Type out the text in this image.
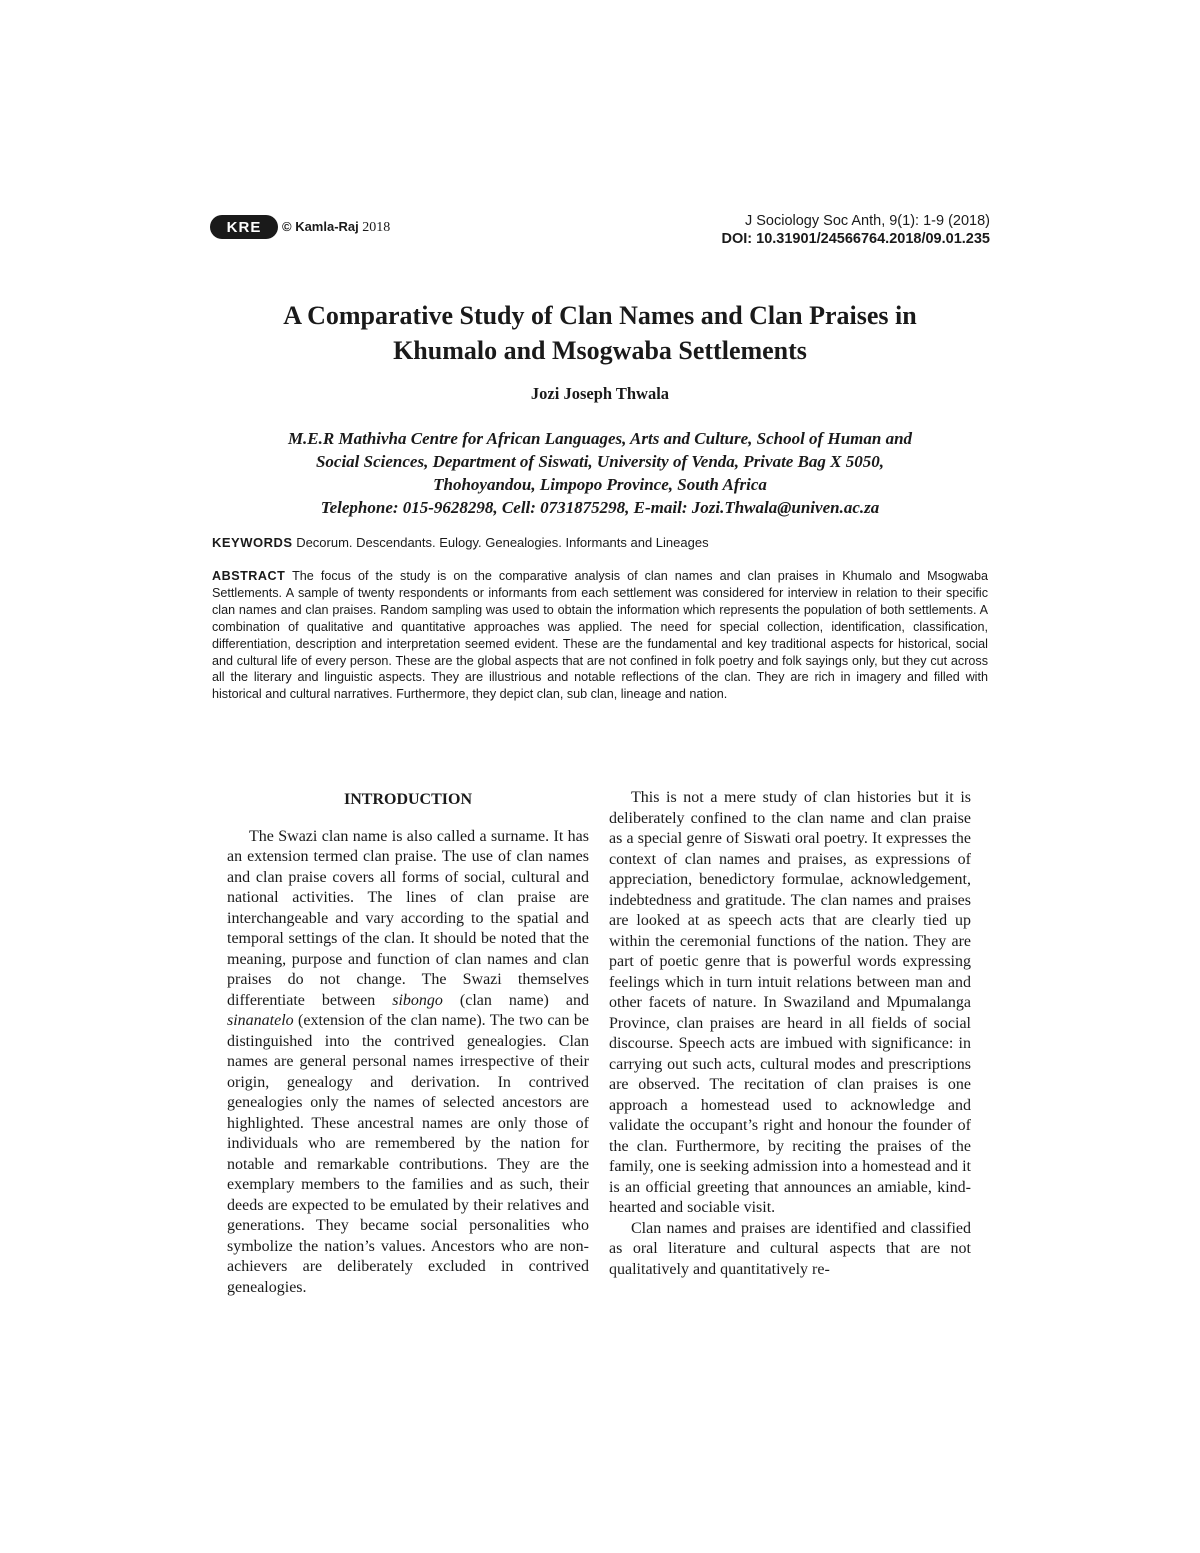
KRE © Kamla-Raj 2018	J Sociology Soc Anth, 9(1): 1-9 (2018)
DOI: 10.31901/24566764.2018/09.01.235
A Comparative Study of Clan Names and Clan Praises in
Khumalo and Msogwaba Settlements
Jozi Joseph Thwala
M.E.R Mathivha Centre for African Languages, Arts and Culture, School of Human and
Social Sciences, Department of Siswati, University of Venda, Private Bag X 5050,
Thohoyandou, Limpopo Province, South Africa
Telephone: 015-9628298, Cell: 0731875298, E-mail: Jozi.Thwala@univen.ac.za
KEYWORDS Decorum. Descendants. Eulogy. Genealogies. Informants and Lineages
ABSTRACT The focus of the study is on the comparative analysis of clan names and clan praises in Khumalo and Msogwaba Settlements. A sample of twenty respondents or informants from each settlement was considered for interview in relation to their specific clan names and clan praises. Random sampling was used to obtain the information which represents the population of both settlements. A combination of qualitative and quantitative approaches was applied. The need for special collection, identification, classification, differentiation, description and interpretation seemed evident. These are the fundamental and key traditional aspects for historical, social and cultural life of every person. These are the global aspects that are not confined in folk poetry and folk sayings only, but they cut across all the literary and linguistic aspects. They are illustrious and notable reflections of the clan. They are rich in imagery and filled with historical and cultural narratives. Furthermore, they depict clan, sub clan, lineage and nation.
INTRODUCTION

The Swazi clan name is also called a surname. It has an extension termed clan praise. The use of clan names and clan praise covers all forms of social, cultural and national activities. The lines of clan praise are interchangeable and vary according to the spatial and temporal settings of the clan. It should be noted that the meaning, purpose and function of clan names and clan praises do not change. The Swazi themselves differentiate between sibongo (clan name) and sinanatelo (extension of the clan name). The two can be distinguished into the contrived genealogies. Clan names are general personal names irrespective of their origin, genealogy and derivation. In contrived genealogies only the names of selected ancestors are highlighted. These ancestral names are only those of individuals who are remembered by the nation for notable and remarkable contributions. They are the exemplary members to the families and as such, their deeds are expected to be emulated by their relatives and generations. They became social personalities who symbolize the nation’s values. Ancestors who are non-achievers are deliberately excluded in contrived genealogies.

This is not a mere study of clan histories but it is deliberately confined to the clan name and clan praise as a special genre of Siswati oral poetry. It expresses the context of clan names and praises, as expressions of appreciation, benedictory formulae, acknowledgement, indebtedness and gratitude. The clan names and praises are looked at as speech acts that are clearly tied up within the ceremonial functions of the nation. They are part of poetic genre that is powerful words expressing feelings which in turn intuit relations between man and other facets of nature. In Swaziland and Mpumalanga Province, clan praises are heard in all fields of social discourse. Speech acts are imbued with significance: in carrying out such acts, cultural modes and prescriptions are observed. The recitation of clan praises is one approach a homestead used to acknowledge and validate the occupant’s right and honour the founder of the clan. Furthermore, by reciting the praises of the family, one is seeking admission into a homestead and it is an official greeting that announces an amiable, kind-hearted and sociable visit.

Clan names and praises are identified and classified as oral literature and cultural aspects that are not qualitatively and quantitatively re-
